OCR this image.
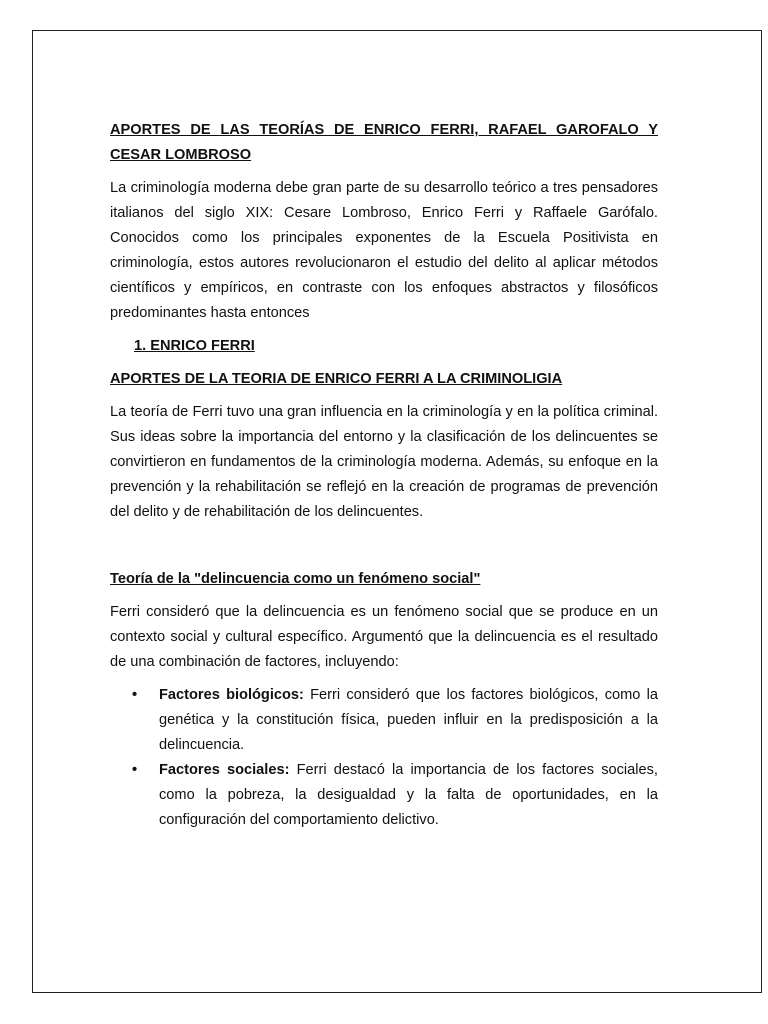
APORTES DE LAS TEORÍAS DE ENRICO FERRI, RAFAEL GAROFALO Y CESAR LOMBROSO

La criminología moderna debe gran parte de su desarrollo teórico a tres pensadores italianos del siglo XIX: Cesare Lombroso, Enrico Ferri y Raffaele Garófalo. Conocidos como los principales exponentes de la Escuela Positivista en criminología, estos autores revolucionaron el estudio del delito al aplicar métodos científicos y empíricos, en contraste con los enfoques abstractos y filosóficos predominantes hasta entonces

1. ENRICO FERRI
APORTES DE LA TEORIA DE ENRICO FERRI A LA CRIMINOLIGIA

La teoría de Ferri tuvo una gran influencia en la criminología y en la política criminal. Sus ideas sobre la importancia del entorno y la clasificación de los delincuentes se convirtieron en fundamentos de la criminología moderna. Además, su enfoque en la prevención y la rehabilitación se reflejó en la creación de programas de prevención del delito y de rehabilitación de los delincuentes.

Teoría de la "delincuencia como un fenómeno social"

Ferri consideró que la delincuencia es un fenómeno social que se produce en un contexto social y cultural específico. Argumentó que la delincuencia es el resultado de una combinación de factores, incluyendo:

• Factores biológicos: Ferri consideró que los factores biológicos, como la genética y la constitución física, pueden influir en la predisposición a la delincuencia.
• Factores sociales: Ferri destacó la importancia de los factores sociales, como la pobreza, la desigualdad y la falta de oportunidades, en la configuración del comportamiento delictivo.
